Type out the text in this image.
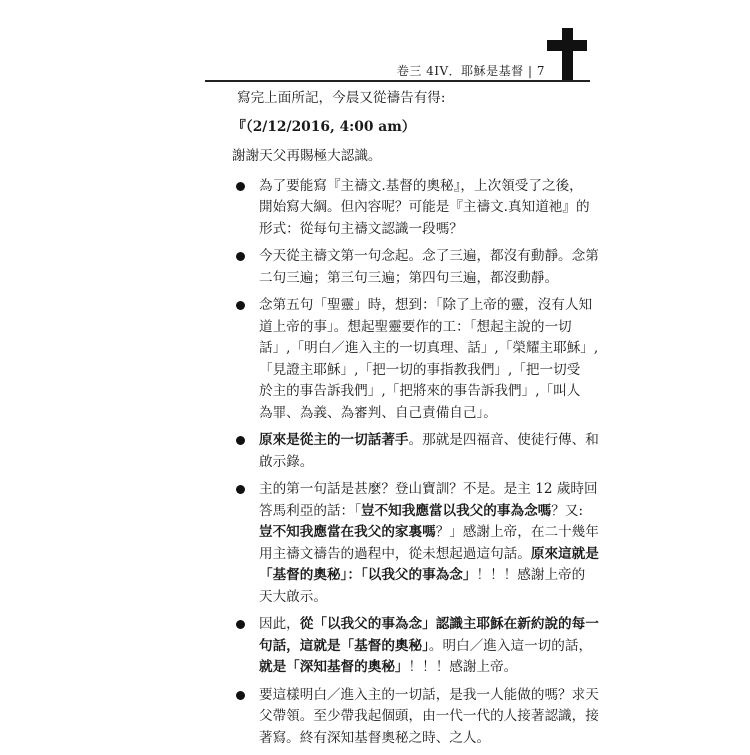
卷三 4IV．耶穌是基督 | 7

寫完上面所記，今晨又從禱告有得:

『（2/12/2016, 4:00 am）

謝謝天父再賜極大認識。

為了要能寫『主禱文.基督的奧秘』，上次領受了之後，
開始寫大綱。但內容呢？可能是『主禱文.真知道祂』的
形式：從每句主禱文認識一段嗎？
今天從主禱文第一句念起。念了三遍，都沒有動靜。念第
二句三遍；第三句三遍；第四句三遍，都沒動靜。
念第五句「聖靈」時，想到：「除了上帝的靈，沒有人知
道上帝的事」。想起聖靈要作的工：「想起主說的一切
話」,「明白／進入主的一切真理、話」,「榮耀主耶穌」,
「見證主耶穌」,「把一切的事指教我們」,「把一切受
於主的事告訴我們」,「把將來的事告訴我們」,「叫人
為罪、為義、為審判、自己責備自己」。
原來是從主的一切話著手。那就是四福音、使徒行傳、和
啟示錄。
主的第一句話是甚麼？登山寶訓？不是。是主 12 歲時回
答馬利亞的話：「豈不知我應當以我父的事為念嗎？又:
豈不知我應當在我父的家裏嗎？」感謝上帝，在二十幾年
用主禱文禱告的過程中，從未想起過這句話。原來這就是
「基督的奧秘」：「以我父的事為念」！！！感謝上帝的
天大啟示。
因此，從「以我父的事為念」認識主耶穌在新約說的每一
句話，這就是「基督的奧秘」。明白／進入這一切的話，
就是「深知基督的奧秘」！！！感謝上帝。
要這樣明白／進入主的一切話，是我一人能做的嗎？求天
父帶領。至少帶我起個頭，由一代一代的人接著認識，接
著寫。終有深知基督奧秘之時、之人。
